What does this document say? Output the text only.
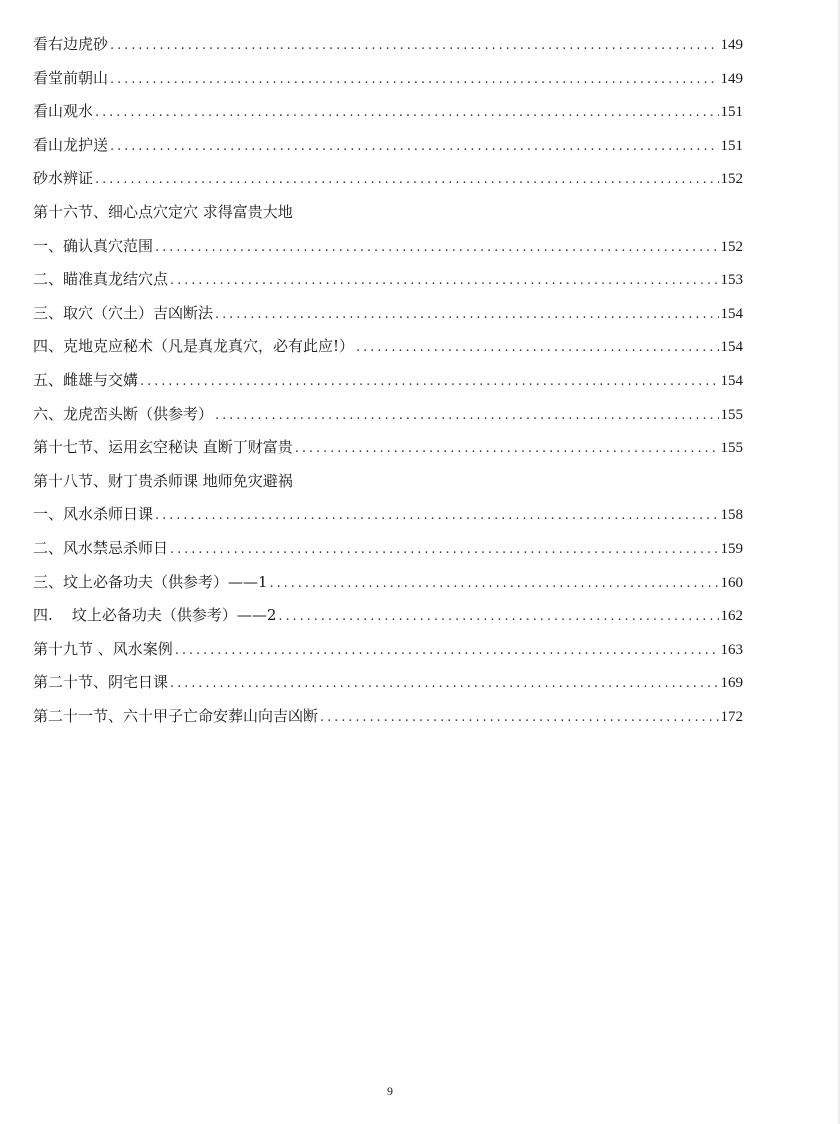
看右边虎砂 . . .	149
看堂前朝山 . . .	149
看山观水 . . .	151
看山龙护送 . . .	151
砂水辨证 . . .	152
第十六节、细心点穴定穴 求得富贵大地
一、确认真穴范围 . . .	152
二、瞄准真龙结穴点 . . .	153
三、取穴（穴土）吉凶断法 . . .	154
四、克地克应秘术（凡是真龙真穴，必有此应!） . . .	154
五、雌雄与交媾 . . .	154
六、龙虎峦头断（供参考） . . .	155
第十七节、运用玄空秘诀 直断丁财富贵 . . .	155
第十八节、财丁贵杀师课 地师免灾避祸
一、风水杀师日课 . . .	158
二、风水禁忌杀师日 . . .	159
三、坟上必备功夫（供参考）——1 . . .	160
四.    坟上必备功夫（供参考）——2 . . .	162
第十九节 、风水案例 . . .	163
第二十节、阴宅日课 . . .	169
第二十一节、六十甲子亡命安葬山向吉凶断 . . .	172
9
